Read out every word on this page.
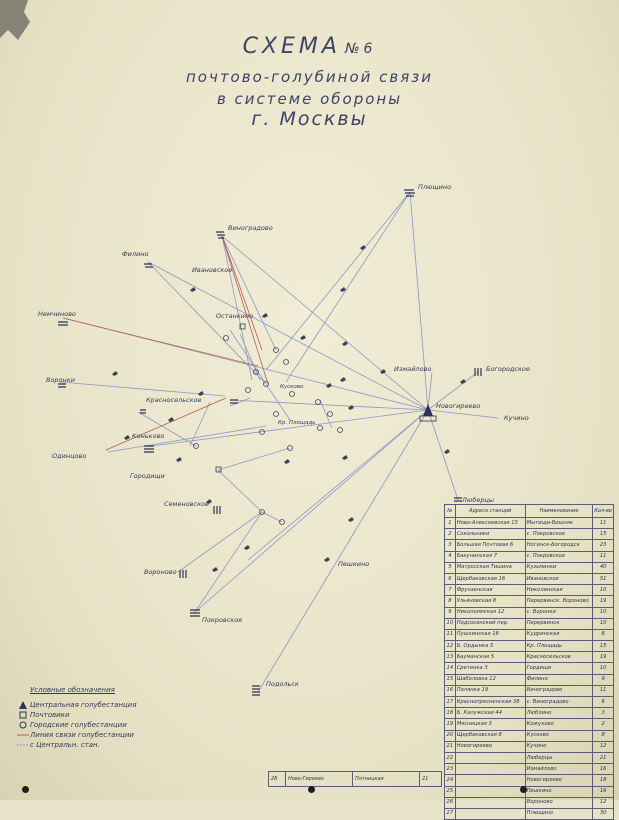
СХЕМА №6
почтово-голубиной связи
в системе обороны
г. Москвы
Плющино
Виноградово
Филино
Ивановское
Немчиново
Воронки
Останкино
Измайлово	Богородское
Новогиреево
Красносельское
Коньково
Одинцово
Городищи
Семеновское
Вороново
Покровское
Пешкино
Подольск
Люберцы
Кучино
Кусково
Кр. Площадь
№	Адреса станций	Наименование	Кол-во
1	Ново-Алексеевская 15	Мытищи-Вишняк	11
2	Сокольники	с. Покровское	15
3	Большая Почтовая 6	Ногинск-Богородск	23
4	Бакунинская 7	с. Покровское	11
5	Матросская Тишина	Кузьминки	40
6	Щербаковская 16	Ивановское	51
7	Фрунзенская	Николинская	10
8	Ульяновская 8	Перервинск. Вороново	19
9	Николоямская 12	с. Воронки	10
10	Подсосенский пер.	Перервинск.	10
11	Пушкинская 18	Кудринская	6
12	Б. Ордынка 5	Кр. Площадь	15
13	Бауманская 5	Красносельское	19
14	Сретенка 3	Гордищи	10
15	Шаболовка 12	Филино	9
16	Полянка 19	Виноградово	11
17	Краснопресненская 38	с. Виноградово	6
18	Б. Калужская 44	Люблино	3
19	Мясницкая 3	Кожухово	2
20	Щербаковская 8	Кусково	8
21	Новогиреево	Кучино	12
22		Люберцы	21
23		Измайлово	16
24		Новогиреево	18
25		Пешкино	16
26		Вороново	12
27		Плющино	30
Условные обозначения
Центральная голубестанция
Почтовики
Городские голубестанции
Линия связи голубестанции
с Центральн. стан.
28	Ново-Гиреево	Пятницкая	21
